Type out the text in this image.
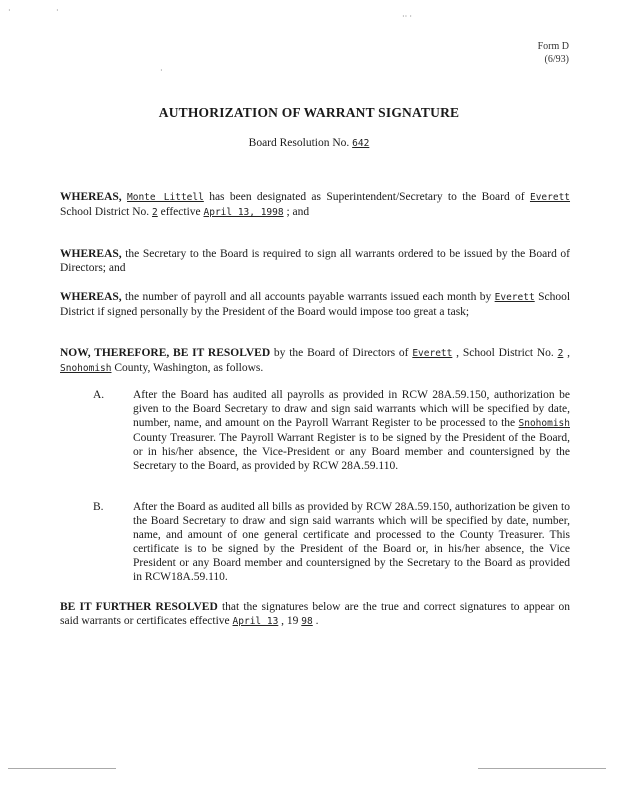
·	·
·· ·
·
Form D
(6/93)
AUTHORIZATION OF WARRANT SIGNATURE
Board Resolution No. 642
WHEREAS, Monte Littell has been designated as Superintendent/Secretary to the Board of Everett School District No. 2 effective April 13, 1998 ; and
WHEREAS, the Secretary to the Board is required to sign all warrants ordered to be issued by the Board of Directors; and
WHEREAS, the number of payroll and all accounts payable warrants issued each month by Everett School District if signed personally by the President of the Board would impose too great a task;
NOW, THEREFORE, BE IT RESOLVED by the Board of Directors of Everett , School District No. 2 , Snohomish County, Washington, as follows.
A.	After the Board has audited all payrolls as provided in RCW 28A.59.150, authorization be given to the Board Secretary to draw and sign said warrants which will be specified by date, number, name, and amount on the Payroll Warrant Register to be processed to the Snohomish County Treasurer. The Payroll Warrant Register is to be signed by the President of the Board, or in his/her absence, the Vice-President or any Board member and countersigned by the Secretary to the Board, as provided by RCW 28A.59.110.
B.	After the Board as audited all bills as provided by RCW 28A.59.150, authorization be given to the Board Secretary to draw and sign said warrants which will be specified by date, number, name, and amount of one general certificate and processed to the County Treasurer. This certificate is to be signed by the President of the Board or, in his/her absence, the Vice President or any Board member and countersigned by the Secretary to the Board as provided in RCW18A.59.110.
BE IT FURTHER RESOLVED that the signatures below are the true and correct signatures to appear on said warrants or certificates effective April 13 , 19 98 .
